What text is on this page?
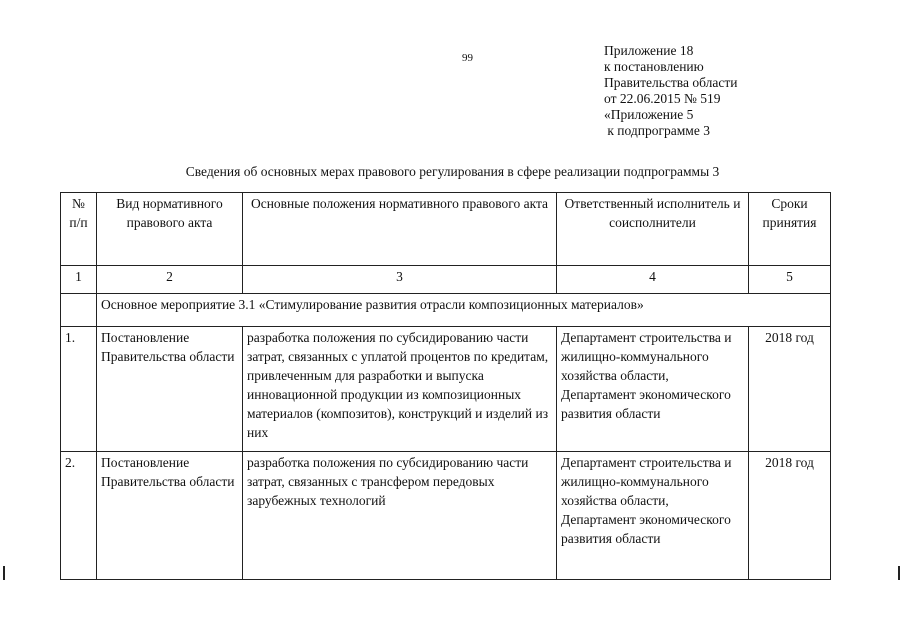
99	Приложение 18
к постановлению
Правительства области
от 22.06.2015 № 519
«Приложение 5
к подпрограмме 3
Сведения об основных мерах правового регулирования в сфере реализации подпрограммы 3
№ п/п	Вид нормативного правового акта	Основные положения нормативного правового акта	Ответственный исполнитель и соисполнители	Сроки принятия
1	2	3	4	5
	Основное мероприятие 3.1 «Стимулирование развития отрасли композиционных материалов»			
1.	Постановление Правительства области	разработка положения по субсидированию части затрат, связанных с уплатой процентов по кредитам, привлеченным для разработки и выпуска инновационной продукции из композиционных материалов (композитов), конструкций и изделий из них	Департамент строительства и жилищно-коммунального хозяйства области, Департамент экономического развития области	2018 год
2.	Постановление Правительства области	разработка положения по субсидированию части затрат, связанных с трансфером передовых зарубежных технологий	Департамент строительства и жилищно-коммунального хозяйства области, Департамент экономического развития области	2018 год
